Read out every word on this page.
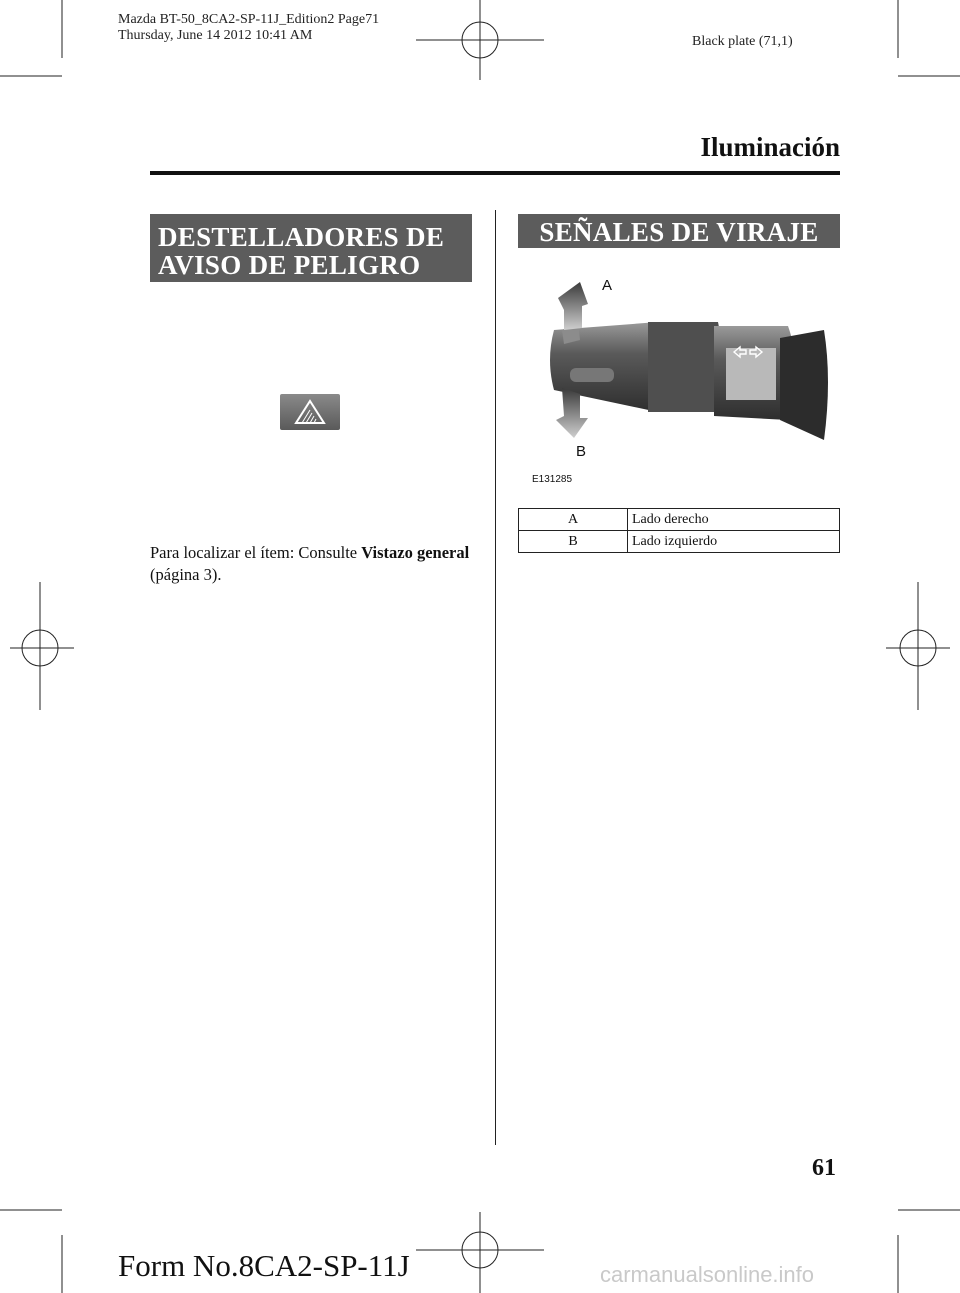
Mazda BT-50_8CA2-SP-11J_Edition2 Page71
Thursday, June 14 2012 10:41 AM	Black plate (71,1)
Iluminación
DESTELLADORES DE
AVISO DE PELIGRO
Para localizar el ítem: Consulte Vistazo general (página 3).
SEÑALES DE VIRAJE
A
B
E131285
A	Lado derecho
B	Lado izquierdo
61
Form No.8CA2-SP-11J	carmanualsonline.info
